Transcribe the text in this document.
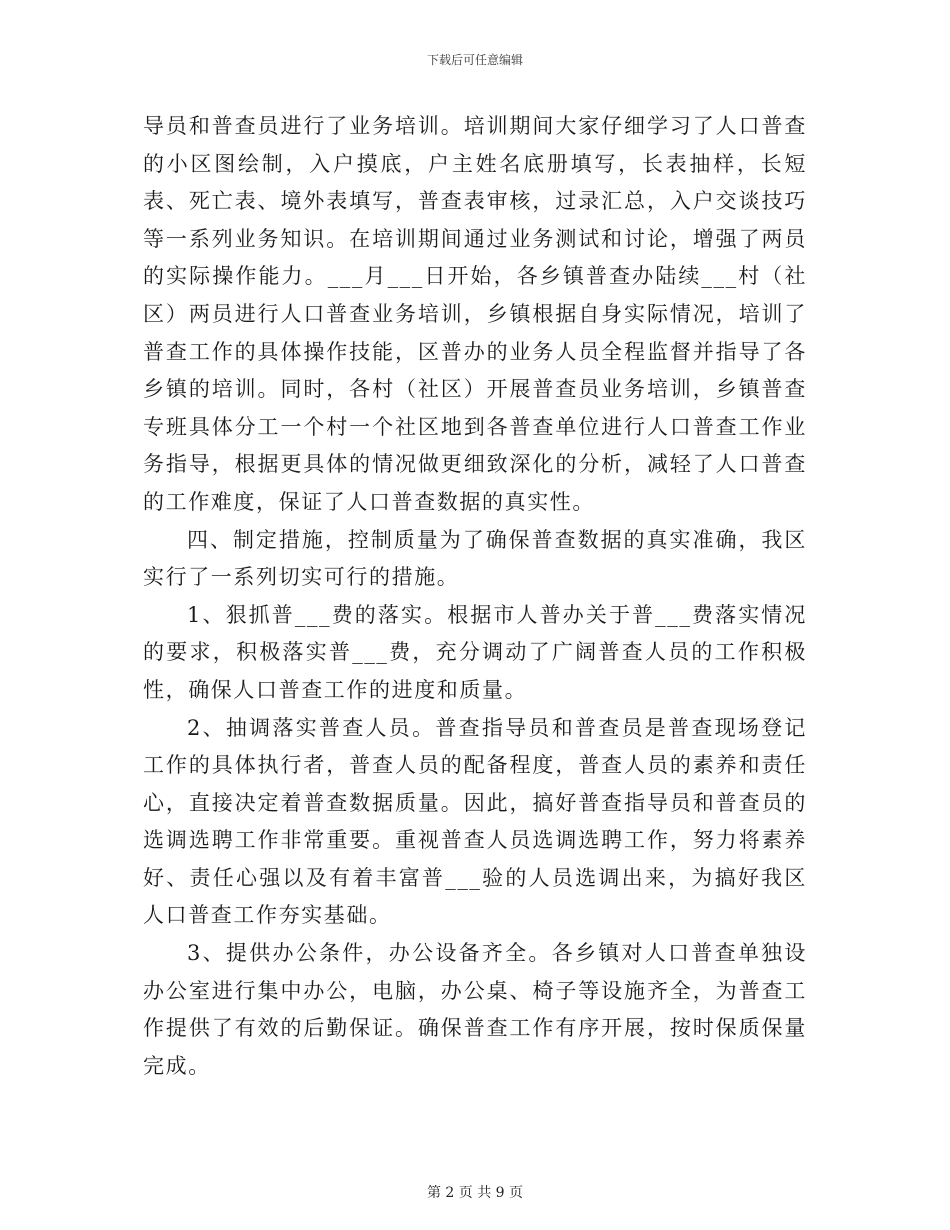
下载后可任意编辑

导员和普查员进行了业务培训。培训期间大家仔细学习了人口普查的小区图绘制，入户摸底，户主姓名底册填写，长表抽样，长短表、死亡表、境外表填写，普查表审核，过录汇总，入户交谈技巧等一系列业务知识。在培训期间通过业务测试和讨论，增强了两员的实际操作能力。___月___日开始，各乡镇普查办陆续___村（社区）两员进行人口普查业务培训，乡镇根据自身实际情况，培训了普查工作的具体操作技能，区普办的业务人员全程监督并指导了各乡镇的培训。同时，各村（社区）开展普查员业务培训，乡镇普查专班具体分工一个村一个社区地到各普查单位进行人口普查工作业务指导，根据更具体的情况做更细致深化的分析，减轻了人口普查的工作难度，保证了人口普查数据的真实性。

四、制定措施，控制质量为了确保普查数据的真实准确，我区实行了一系列切实可行的措施。

1、狠抓普___费的落实。根据市人普办关于普___费落实情况的要求，积极落实普___费，充分调动了广阔普查人员的工作积极性，确保人口普查工作的进度和质量。

2、抽调落实普查人员。普查指导员和普查员是普查现场登记工作的具体执行者，普查人员的配备程度，普查人员的素养和责任心，直接决定着普查数据质量。因此，搞好普查指导员和普查员的选调选聘工作非常重要。重视普查人员选调选聘工作，努力将素养好、责任心强以及有着丰富普___验的人员选调出来，为搞好我区人口普查工作夯实基础。

3、提供办公条件，办公设备齐全。各乡镇对人口普查单独设办公室进行集中办公，电脑，办公桌、椅子等设施齐全，为普查工作提供了有效的后勤保证。确保普查工作有序开展，按时保质保量完成。

第 2 页 共 9 页
